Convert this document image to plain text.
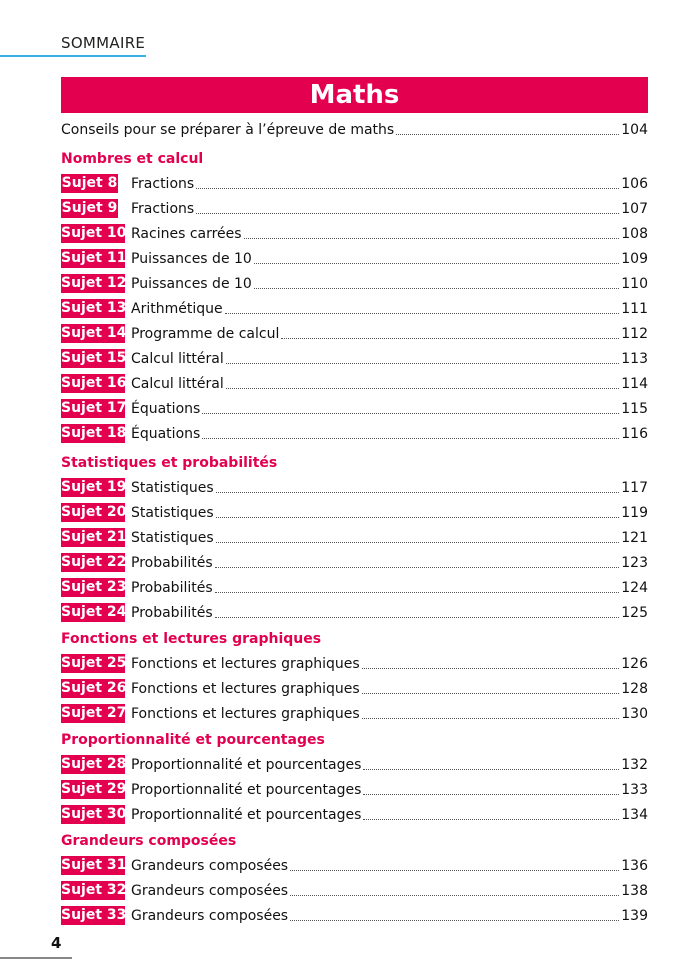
SOMMAIRE
Maths
Conseils pour se préparer à l’épreuve de maths	104
Nombres et calcul
Sujet 8 Fractions	106
Sujet 9 Fractions	107
Sujet 10 Racines carrées	108
Sujet 11 Puissances de 10	109
Sujet 12 Puissances de 10	110
Sujet 13 Arithmétique	111
Sujet 14 Programme de calcul	112
Sujet 15 Calcul littéral	113
Sujet 16 Calcul littéral	114
Sujet 17 Équations	115
Sujet 18 Équations	116
Statistiques et probabilités
Sujet 19 Statistiques	117
Sujet 20 Statistiques	119
Sujet 21 Statistiques	121
Sujet 22 Probabilités	123
Sujet 23 Probabilités	124
Sujet 24 Probabilités	125
Fonctions et lectures graphiques
Sujet 25 Fonctions et lectures graphiques	126
Sujet 26 Fonctions et lectures graphiques	128
Sujet 27 Fonctions et lectures graphiques	130
Proportionnalité et pourcentages
Sujet 28 Proportionnalité et pourcentages	132
Sujet 29 Proportionnalité et pourcentages	133
Sujet 30 Proportionnalité et pourcentages	134
Grandeurs composées
Sujet 31 Grandeurs composées	136
Sujet 32 Grandeurs composées	138
Sujet 33 Grandeurs composées	139
4
